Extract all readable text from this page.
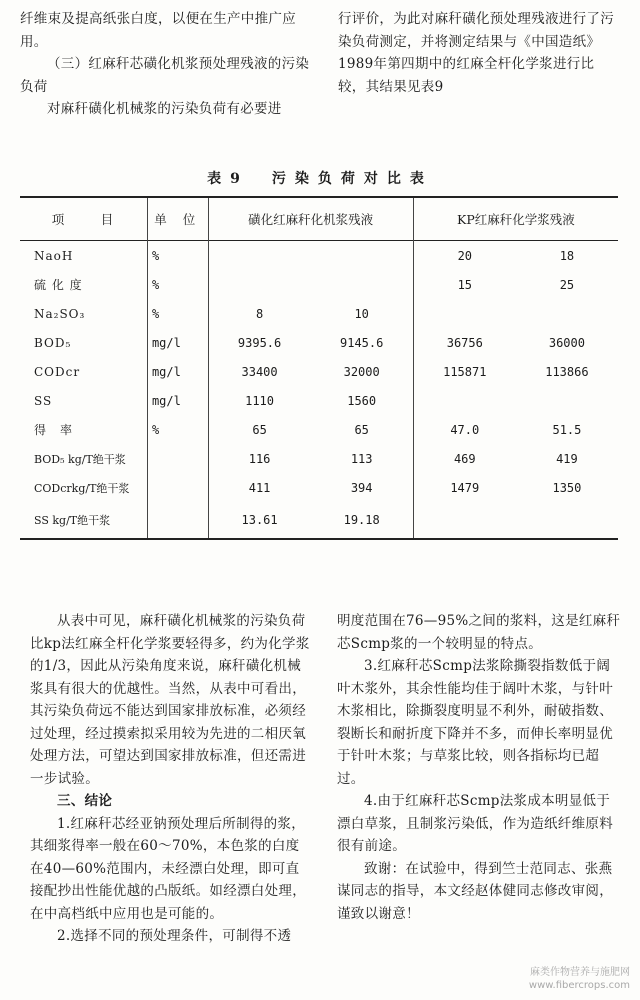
纤维束及提高纸张白度，以便在生产中推广应用。

（三）红麻秆芯磺化机浆预处理残液的污染负荷

对麻秆磺化机械浆的污染负荷有必要进

行评价，为此对麻秆磺化预处理残液进行了污染负荷测定，并将测定结果与《中国造纸》1989年第四期中的红麻全杆化学浆进行比较，其结果见表9

表9　污染负荷对比表
项　目	单 位	磺化红麻秆化机浆残液		KP红麻秆化学浆残液	
NaoH	%			20	18
硫 化 度	%			15	25
Na₂SO₃	%	8	10		
BOD₅	mg/l	9395.6	9145.6	36756	36000
CODcr	mg/l	33400	32000	115871	113866
SS	mg/l	1110	1560		
得　率	%	65	65	47.0	51.5
BOD₅ kg/T绝干浆		116	113	469	419
CODcrkg/T绝干浆		411	394	1479	1350
SS kg/T绝干浆		13.61	19.18		

从表中可见，麻秆磺化机械浆的污染负荷比kp法红麻全杆化学浆要轻得多，约为化学浆的1/3，因此从污染角度来说，麻秆磺化机械浆具有很大的优越性。当然，从表中可看出，其污染负荷远不能达到国家排放标准，必须经过处理，经过摸索拟采用较为先进的二相厌氧处理方法，可望达到国家排放标准，但还需进一步试验。

三、结论

1.红麻秆芯经亚钠预处理后所制得的浆，其细浆得率一般在60～70%，本色浆的白度在40—60%范围内，未经漂白处理，即可直接配抄出性能优越的凸版纸。如经漂白处理，在中高档纸中应用也是可能的。

2.选择不同的预处理条件，可制得不透

明度范围在76—95%之间的浆料，这是红麻秆芯Scmp浆的一个较明显的特点。

3.红麻秆芯Scmp法浆除撕裂指数低于阔叶木浆外，其余性能均佳于阔叶木浆，与针叶木浆相比，除撕裂度明显不利外，耐破指数、裂断长和耐折度下降并不多，而伸长率明显优于针叶木浆；与草浆比较，则各指标均已超过。

4.由于红麻秆芯Scmp法浆成本明显低于漂白草浆，且制浆污染低，作为造纸纤维原料很有前途。

致谢：在试验中，得到竺士范同志、张燕谋同志的指导，本文经赵体健同志修改审阅，谨致以谢意！

麻类作物营养与施肥网
www.fibercrops.com
